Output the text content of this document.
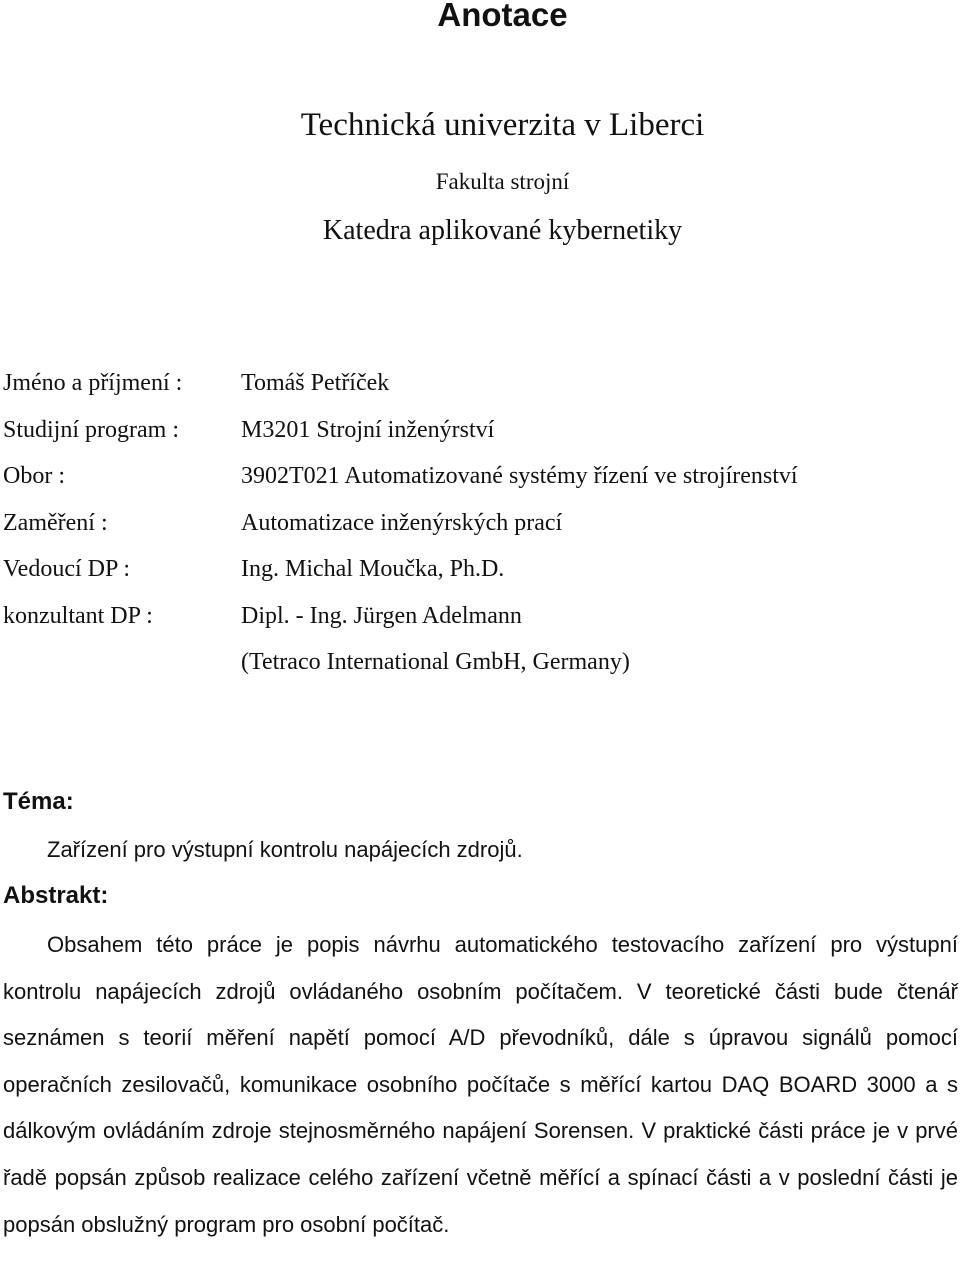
Anotace
Technická univerzita v Liberci
Fakulta strojní
Katedra aplikované kybernetiky
Jméno a příjmení : Tomáš Petříček
Studijní program :	M3201 Strojní inženýrství
Obor :	3902T021 Automatizované systémy řízení ve strojírenství
Zaměření :	Automatizace inženýrských prací
Vedoucí DP :	Ing. Michal Moučka, Ph.D.
konzultant DP :	Dipl. - Ing. Jürgen Adelmann
(Tetraco International GmbH, Germany)
Téma:
Zařízení pro výstupní kontrolu napájecích zdrojů.
Abstrakt:

Obsahem této práce je popis návrhu automatického testovacího zařízení pro výstupní kontrolu napájecích zdrojů ovládaného osobním počítačem. V teoretické části bude čtenář seznámen s teorií měření napětí pomocí A/D převodníků, dále s úpravou signálů pomocí operačních zesilovačů, komunikace osobního počítače s měřící kartou DAQ BOARD 3000 a s dálkovým ovládáním zdroje stejnosměrného napájení Sorensen. V praktické části práce je v prvé řadě popsán způsob realizace celého zařízení včetně měřící a spínací části a v poslední části je popsán obslužný program pro osobní počítač.
